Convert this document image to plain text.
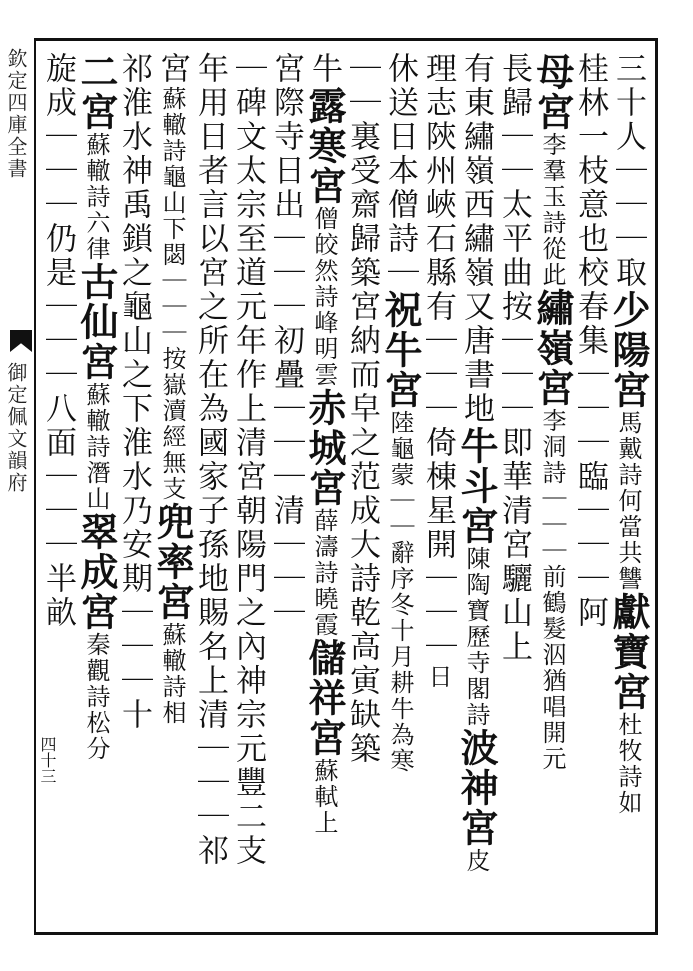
欽定四庫全書
御定佩文韻府
四十三
三十人｜｜｜取少陽宮馬戴詩何當共讐獻寶宮杜牧詩如
桂林一枝意也校春集｜｜｜臨｜｜｜阿
母宮李羣玉詩從此繡嶺宮李洞詩｜｜｜前鶴髮泅猶唱開元
長歸｜｜太平曲按｜｜｜即華清宮驪山上
有東繡嶺西繡嶺又唐書地牛斗宮陳陶寶歷寺閣詩波神宮皮
理志陝州峽石縣有｜｜｜倚棟星開｜｜｜日
休送日本僧詩｜祝牛宮陸龜蒙｜｜辭序冬十月耕牛為寒
｜｜裏受齋歸築宮納而皁之范成大詩乾高寅缺築
牛露寒宮僧皎然詩峰明雲赤城宮薛濤詩曉霞儲祥宮蘇軾上
宮際寺日出｜｜｜初疊｜｜｜清｜｜｜
｜碑文太宗至道元年作上清宮朝陽門之內神宗元豐二支
年用日者言以宮之所在為國家子孫地賜名上清｜｜｜祁
宮蘇轍詩龜山下閟｜｜｜按嶽瀆經無支兜率宮蘇轍詩相
祁淮水神禹鎖之龜山之下淮水乃安期｜｜｜十
二宮蘇轍詩六律古仙宮蘇轍詩潛山翠成宮秦觀詩松分
旋成｜｜｜仍是｜｜｜八面｜｜｜半畝
